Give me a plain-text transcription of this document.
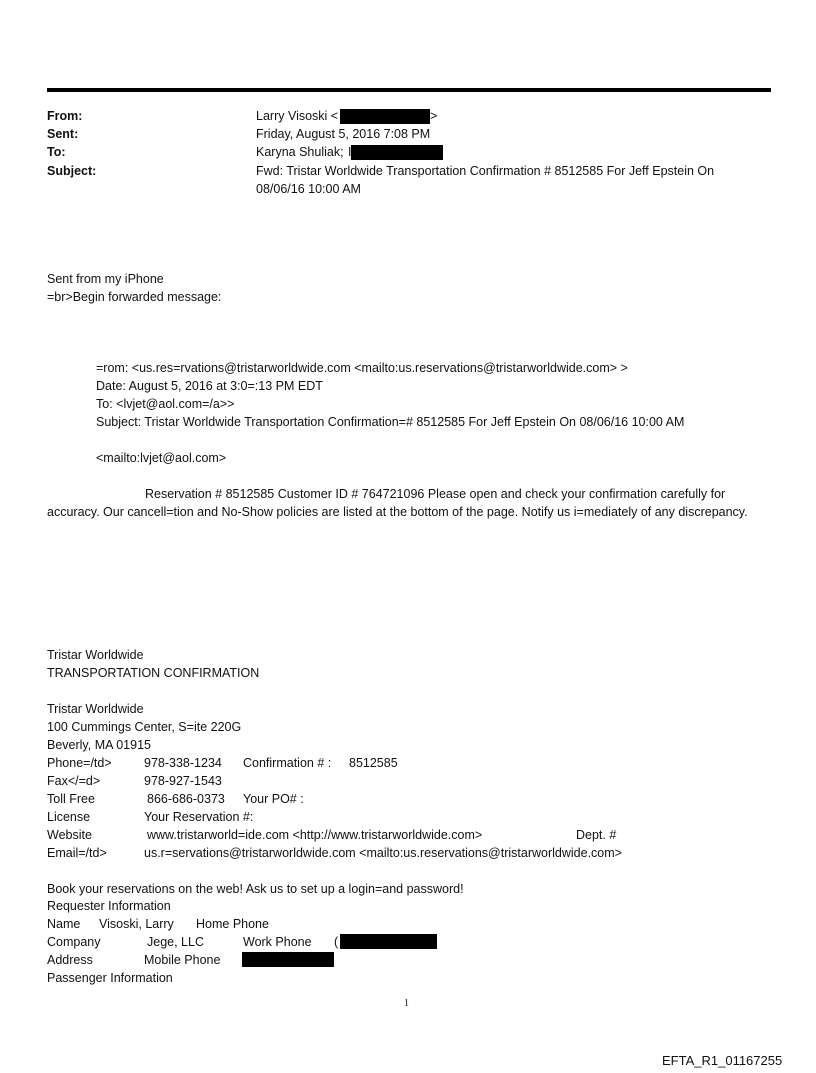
From:	Larry Visoski <	>
Sent:	Friday, August 5, 2016 7:08 PM
To:	Karyna Shuliak; I
Subject:	Fwd: Tristar Worldwide Transportation Confirmation # 8512585 For Jeff Epstein On
08/06/16 10:00 AM
Sent from my iPhone
=br>Begin forwarded message:
=rom: <us.res=rvations@tristarworldwide.com <mailto:us.reservations@tristarworldwide.com> >
Date: August 5, 2016 at 3:0=:13 PM EDT
To: <lvjet@aol.com=/a>>
Subject: Tristar Worldwide Transportation Confirmation=# 8512585 For Jeff Epstein On 08/06/16 10:00 AM
<mailto:lvjet@aol.com>
Reservation # 8512585 Customer ID # 764721096 Please open and check your confirmation carefully for accuracy. Our cancell=tion and No-Show policies are listed at the bottom of the page. Notify us i=mediately of any discrepancy.
Tristar Worldwide
TRANSPORTATION CONFIRMATION
Tristar Worldwide
100 Cummings Center, S=ite 220G
Beverly, MA 01915
Phone=/td>	978-338-1234 Confirmation # : 8512585
Fax</=d>	978-927-1543
Toll Free	866-686-0373 Your PO# :
License	Your Reservation #:
Website	www.tristarworld=ide.com <http://www.tristarworldwide.com>	Dept. #
Email=/td>	us.r=servations@tristarworldwide.com <mailto:us.reservations@tristarworldwide.com>
Book your reservations on the web! Ask us to set up a login=and password!
Requester Information
Name Visoski, Larry Home Phone
Company	Jege, LLC	Work Phone (
Address	Mobile Phone
Passenger Information
1
EFTA_R1_01167255
